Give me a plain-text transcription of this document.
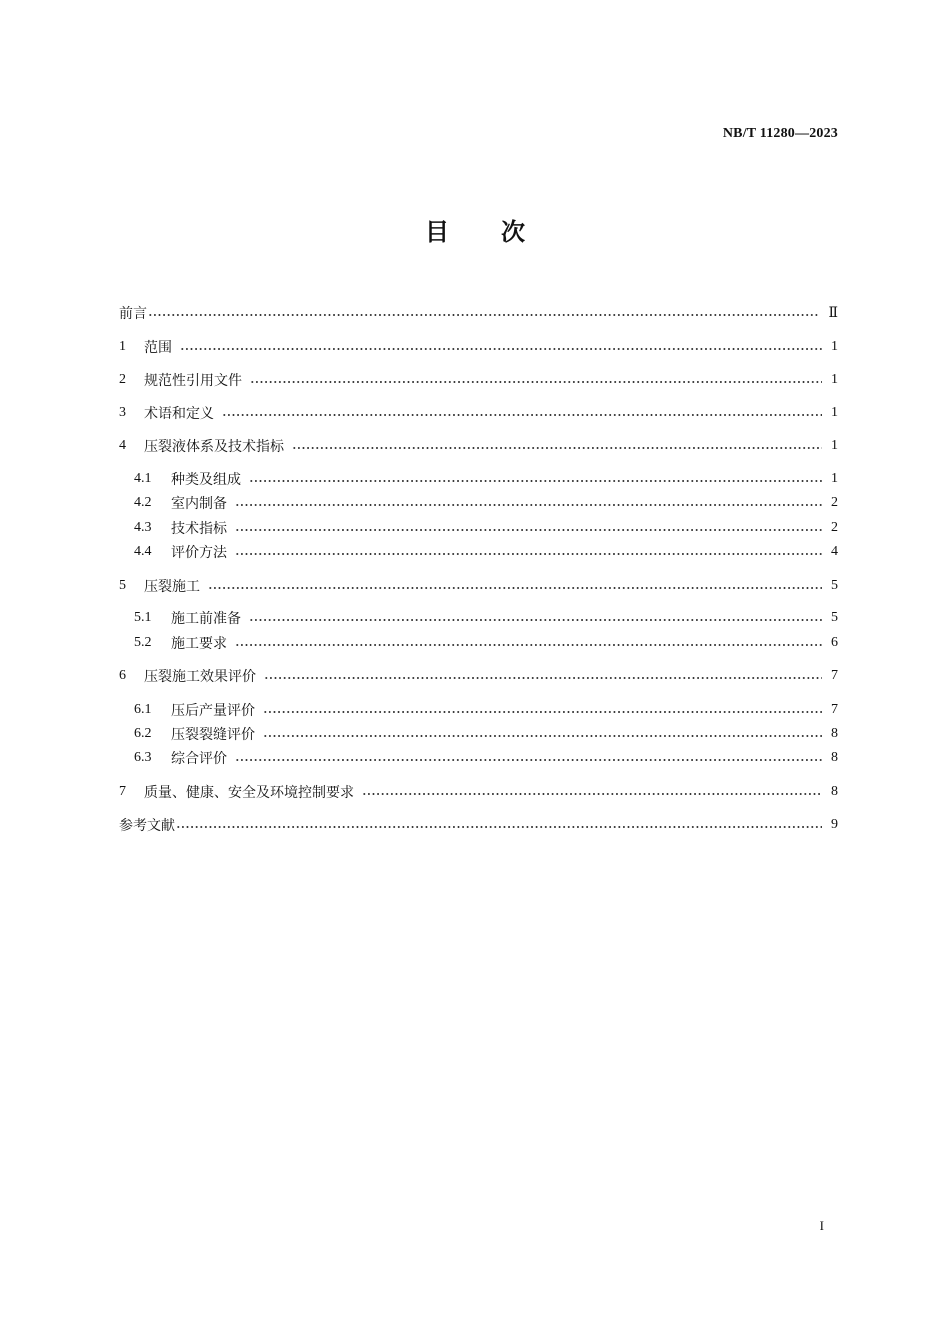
NB/T 11280—2023
目 次
前言	Ⅱ
1	范围	1
2	规范性引用文件	1
3	术语和定义	1
4	压裂液体系及技术指标	1
4.1	种类及组成	1
4.2	室内制备	2
4.3	技术指标	2
4.4	评价方法	4
5	压裂施工	5
5.1	施工前准备	5
5.2	施工要求	6
6	压裂施工效果评价	7
6.1	压后产量评价	7
6.2	压裂裂缝评价	8
6.3	综合评价	8
7	质量、健康、安全及环境控制要求	8
参考文献	9
I
